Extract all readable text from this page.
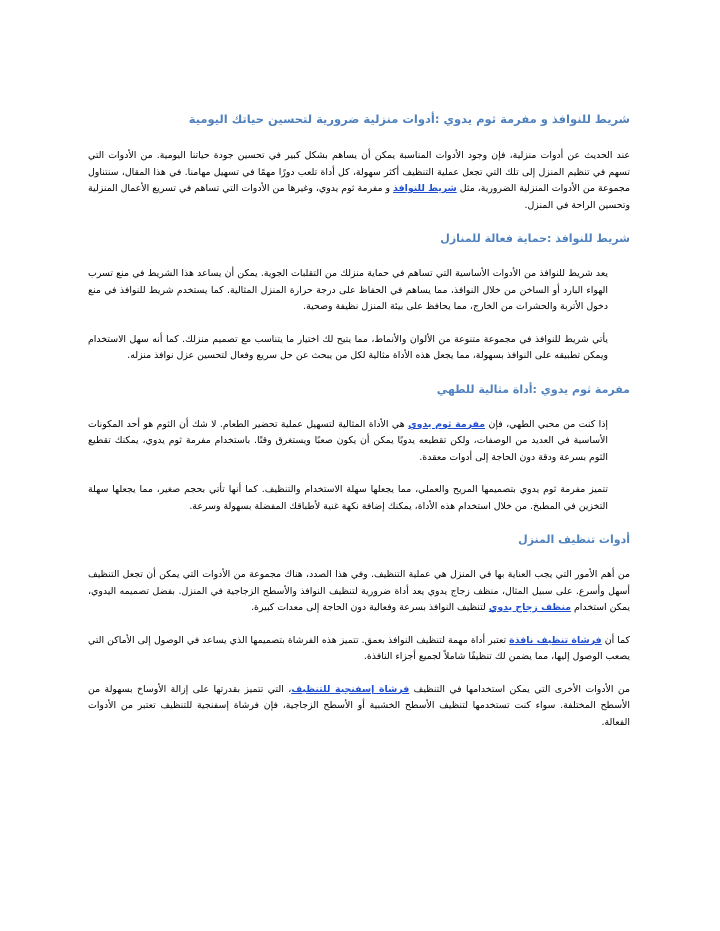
شريط للنوافذ و مفرمة ثوم يدوي :أدوات منزلية ضرورية لتحسين حياتك اليومية

عند الحديث عن أدوات منزلية، فإن وجود الأدوات المناسبة يمكن أن يساهم بشكل كبير في تحسين جودة حياتنا اليومية. من الأدوات التي تسهم في تنظيم المنزل إلى تلك التي تجعل عملية التنظيف أكثر سهولة، كل أداة تلعب دورًا مهمًا في تسهيل مهامنا. في هذا المقال، سنتناول مجموعة من الأدوات المنزلية الضرورية، مثل شريط للنوافذ و مفرمة ثوم يدوي، وغيرها من الأدوات التي تساهم في تسريع الأعمال المنزلية وتحسين الراحة في المنزل.

شريط للنوافذ :حماية فعالة للمنازل

يعد شريط للنوافذ من الأدوات الأساسية التي تساهم في حماية منزلك من التقلبات الجوية. يمكن أن يساعد هذا الشريط في منع تسرب الهواء البارد أو الساخن من خلال النوافذ، مما يساهم في الحفاظ على درجة حرارة المنزل المثالية. كما يستخدم شريط للنوافذ في منع دخول الأتربة والحشرات من الخارج، مما يحافظ على بيئة المنزل نظيفة وصحية.

يأتي شريط للنوافذ في مجموعة متنوعة من الألوان والأنماط، مما يتيح لك اختيار ما يتناسب مع تصميم منزلك. كما أنه سهل الاستخدام ويمكن تطبيقه على النوافذ بسهولة، مما يجعل هذه الأداة مثالية لكل من يبحث عن حل سريع وفعال لتحسين عزل نوافذ منزله.

مفرمة ثوم يدوي :أداة مثالية للطهي

إذا كنت من محبي الطهي، فإن مفرمة ثوم يدوي هي الأداة المثالية لتسهيل عملية تحضير الطعام. لا شك أن الثوم هو أحد المكونات الأساسية في العديد من الوصفات، ولكن تقطيعه يدويًا يمكن أن يكون صعبًا ويستغرق وقتًا. باستخدام مفرمة ثوم يدوي، يمكنك تقطيع الثوم بسرعة ودقة دون الحاجة إلى أدوات معقدة.

تتميز مفرمة ثوم يدوي بتصميمها المريح والعملي، مما يجعلها سهلة الاستخدام والتنظيف. كما أنها تأتي بحجم صغير، مما يجعلها سهلة التخزين في المطبخ. من خلال استخدام هذه الأداة، يمكنك إضافة نكهة غنية لأطباقك المفضلة بسهولة وسرعة.

أدوات تنظيف المنزل

من أهم الأمور التي يجب العناية بها في المنزل هي عملية التنظيف. وفي هذا الصدد، هناك مجموعة من الأدوات التي يمكن أن تجعل التنظيف أسهل وأسرع. على سبيل المثال، منظف زجاج يدوي يعد أداة ضرورية لتنظيف النوافذ والأسطح الزجاجية في المنزل. بفضل تصميمه اليدوي، يمكن استخدام منظف زجاج يدوي لتنظيف النوافذ بسرعة وفعالية دون الحاجة إلى معدات كبيرة.

كما أن فرشاة تنظيف نافذة تعتبر أداة مهمة لتنظيف النوافذ بعمق. تتميز هذه الفرشاة بتصميمها الذي يساعد في الوصول إلى الأماكن التي يصعب الوصول إليها، مما يضمن لك تنظيفًا شاملاً لجميع أجزاء النافذة.

من الأدوات الأخرى التي يمكن استخدامها في التنظيف فرشاة إسفنجية للتنظيف، التي تتميز بقدرتها على إزالة الأوساخ بسهولة من الأسطح المختلفة. سواء كنت تستخدمها لتنظيف الأسطح الخشبية أو الأسطح الزجاجية، فإن فرشاة إسفنجية للتنظيف تعتبر من الأدوات الفعالة.
